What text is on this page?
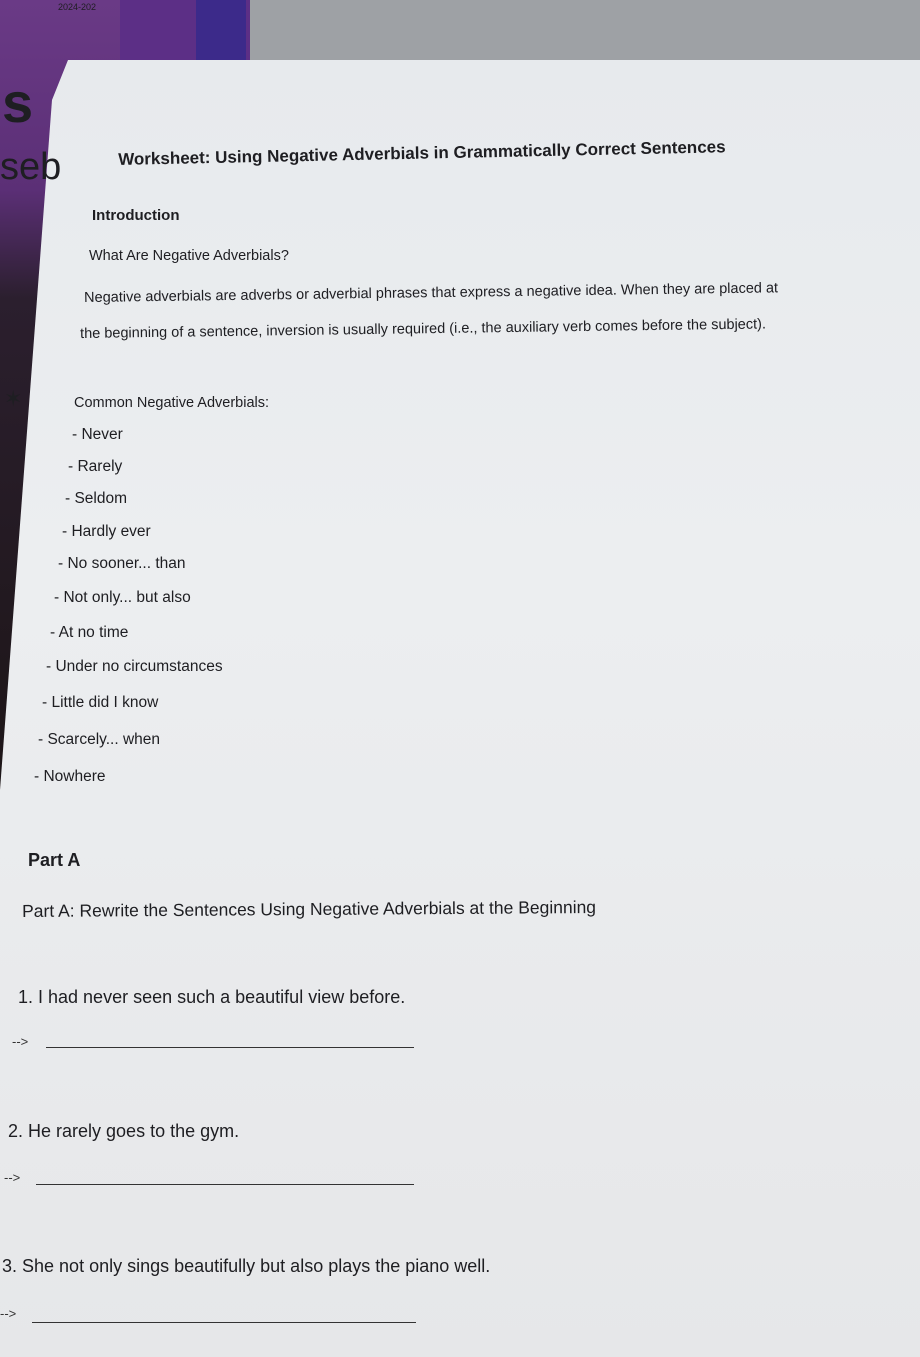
2024-202
s
seb
✶
Worksheet: Using Negative Adverbials in Grammatically Correct Sentences
Introduction
What Are Negative Adverbials?
Negative adverbials are adverbs or adverbial phrases that express a negative idea. When they are placed at
the beginning of a sentence, inversion is usually required (i.e., the auxiliary verb comes before the subject).
Common Negative Adverbials:
- Never
- Rarely
- Seldom
- Hardly ever
- No sooner... than
- Not only... but also
- At no time
- Under no circumstances
- Little did I know
- Scarcely... when
- Nowhere
Part A
Part A: Rewrite the Sentences Using Negative Adverbials at the Beginning
1. I had never seen such a beautiful view before.
-->
2. He rarely goes to the gym.
-->
3. She not only sings beautifully but also plays the piano well.
-->
